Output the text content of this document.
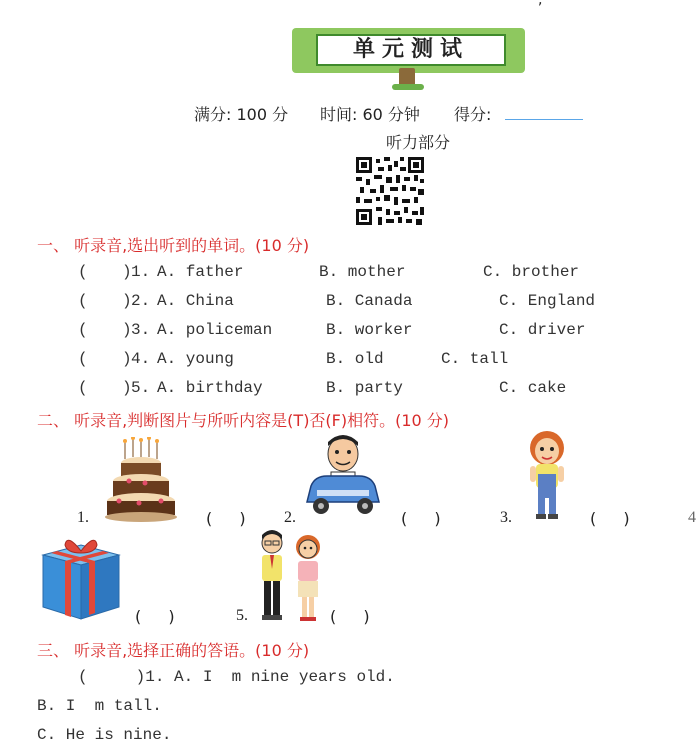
,
单元测试
满分: 100 分 时间: 60 分钟 得分:
听力部分
一、 听录音,选出听到的单词。(10 分)
( ) 1. A. father	B. mother	C. brother
( ) 2. A. China	B. Canada	C. England
( ) 3. A. policeman	B. worker	C. driver
( ) 4. A. young	B. old	C. tall
( ) 5. A. birthday	B. party	C. cake
二、 听录音,判断图片与所听内容是(T)否(F)相符。(10 分)
1.	( ) 2.	( )	3.	( )	4
( )	5.	( )
三、 听录音,选择正确的答语。(10 分)
(     )1. A. I  m nine years old.
B. I  m tall.
C. He is nine.
